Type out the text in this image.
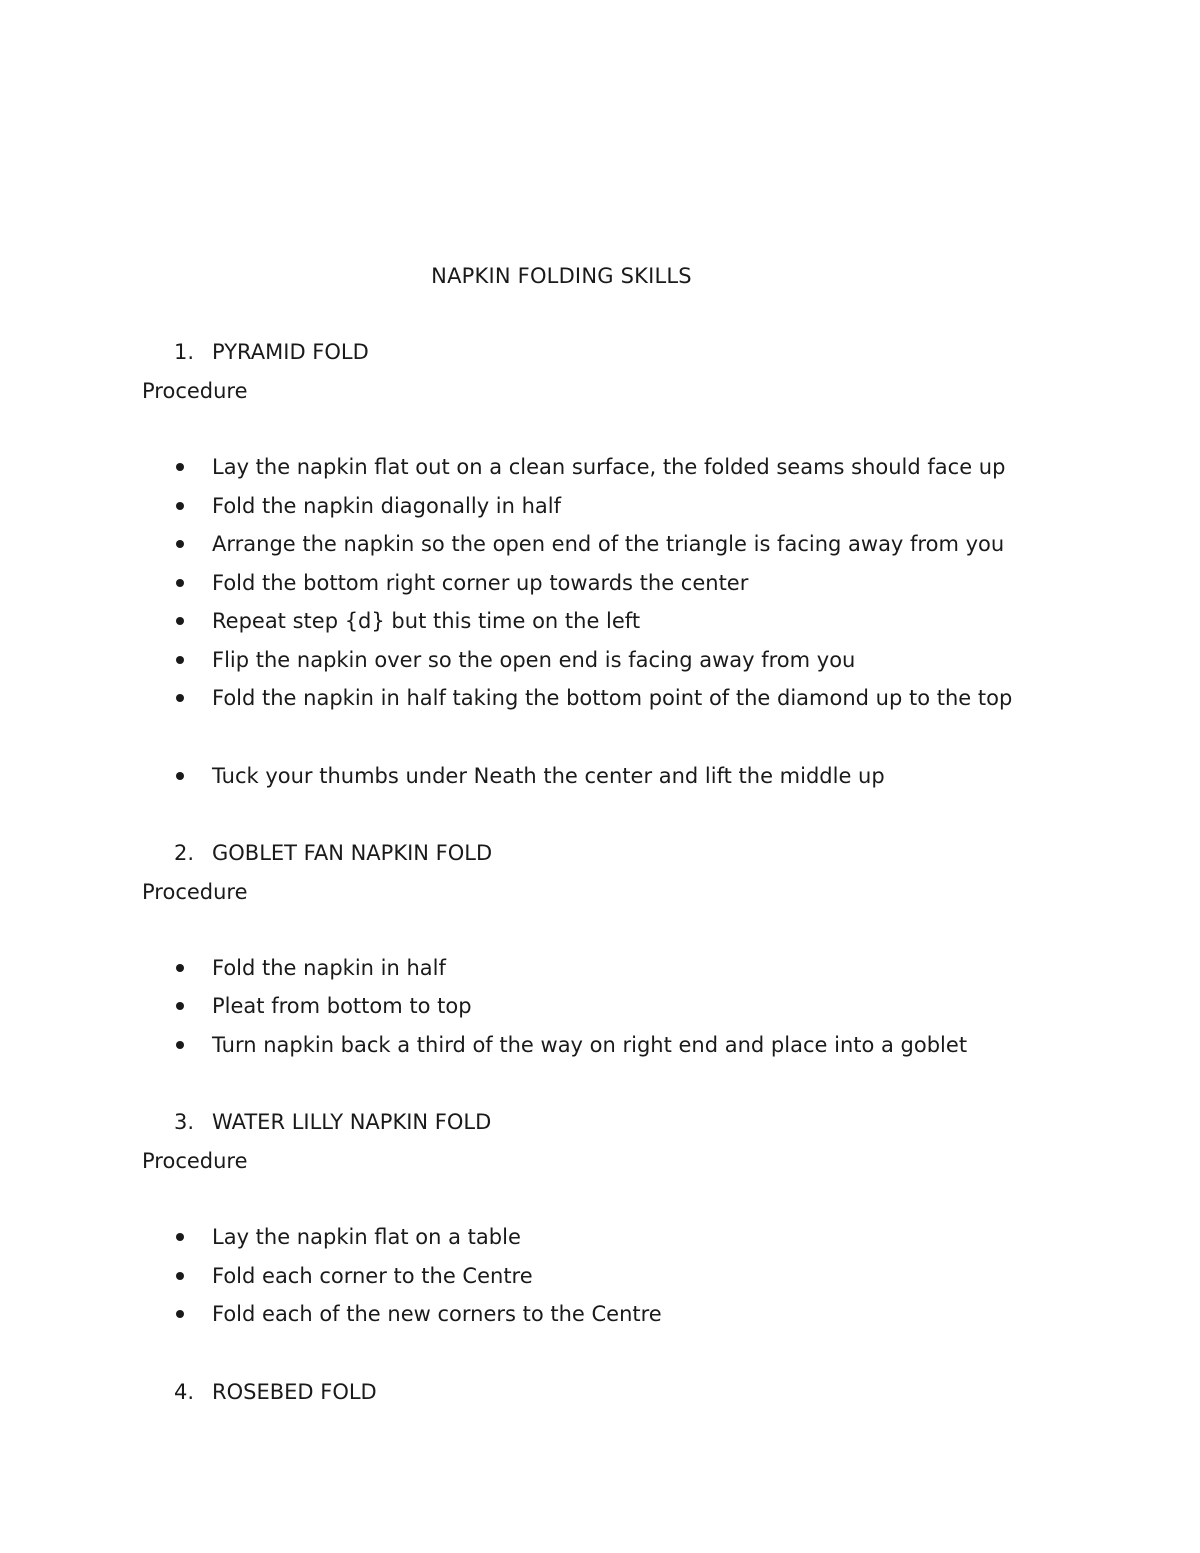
NAPKIN FOLDING SKILLS
1. PYRAMID FOLD
Procedure
Lay the napkin flat out on a clean surface, the folded seams should face up
Fold the napkin diagonally in half
Arrange the napkin so the open end of the triangle is facing away from you
Fold the bottom right corner up towards the center
Repeat step {d} but this time on the left
Flip the napkin over so the open end is facing away from you
Fold the napkin in half taking the bottom point of the diamond up to the top
Tuck your thumbs under Neath the center and lift the middle up
2. GOBLET FAN NAPKIN FOLD
Procedure
Fold the napkin in half
Pleat from bottom to top
Turn napkin back a third of the way on right end and place into a goblet
3. WATER LILLY NAPKIN FOLD
Procedure
Lay the napkin flat on a table
Fold each corner to the Centre
Fold each of the new corners to the Centre
4. ROSEBED FOLD
